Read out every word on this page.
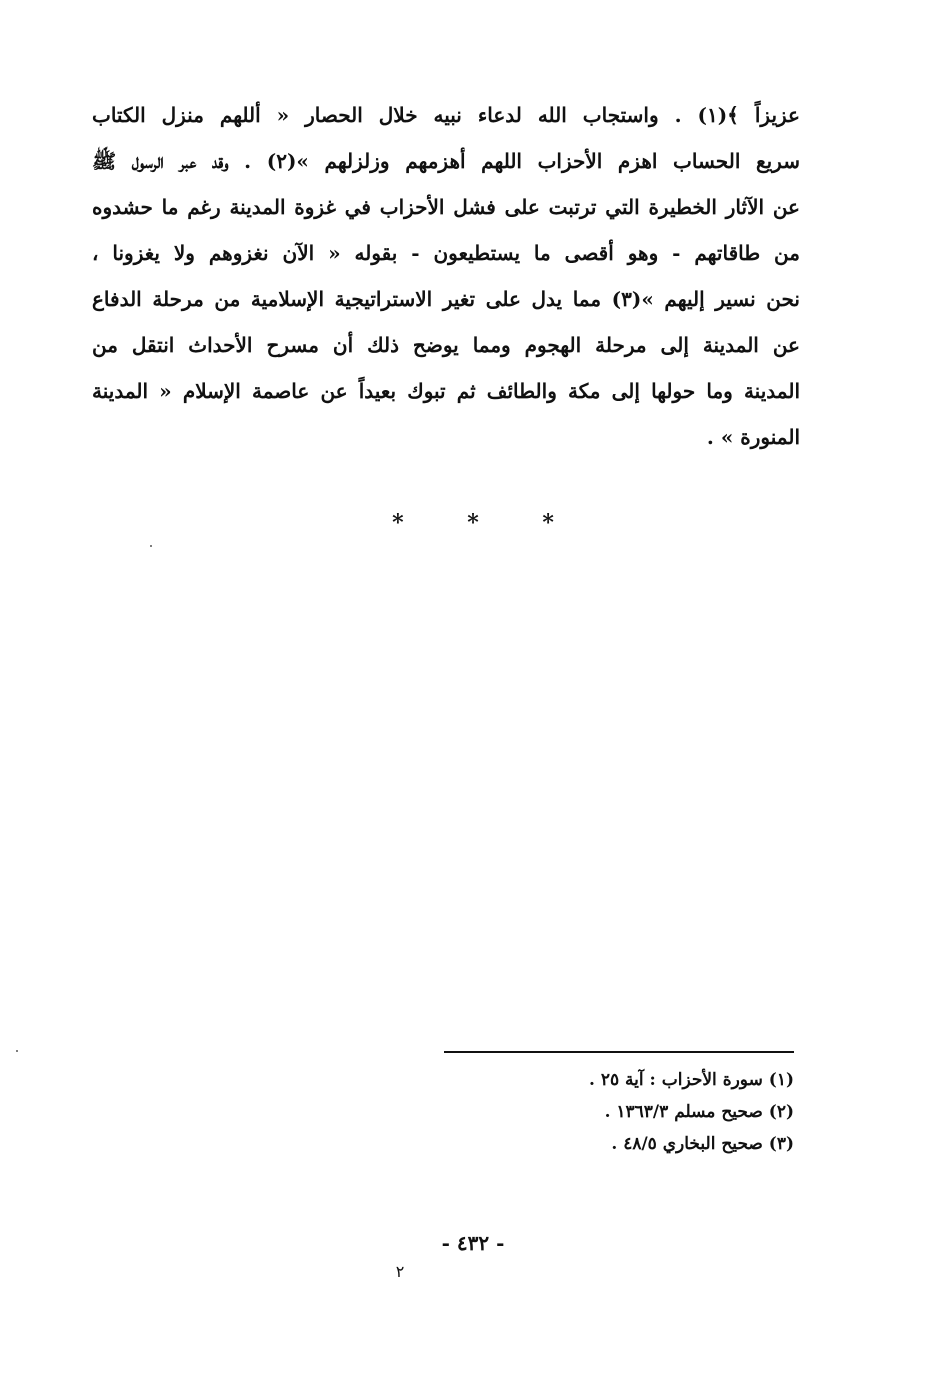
عزيزاً ﴾(١) . واستجاب الله لدعاء نبيه خلال الحصار « أللهم منزل الكتاب
سريع الحساب اهزم الأحزاب اللهم أهزمهم وزلزلهم »(٢) . وقد عبر الرسول ﷺ
عن الآثار الخطيرة التي ترتبت على فشل الأحزاب في غزوة المدينة رغم ما حشدوه
من طاقاتهم - وهو أقصى ما يستطيعون - بقوله « الآن نغزوهم ولا يغزونا ،
نحن نسير إليهم »(٣) مما يدل على تغير الاستراتيجية الإسلامية من مرحلة الدفاع
عن المدينة إلى مرحلة الهجوم ومما يوضح ذلك أن مسرح الأحداث انتقل من
المدينة وما حولها إلى مكة والطائف ثم تبوك بعيداً عن عاصمة الإسلام « المدينة
المنورة » .
* * *
(١) سورة الأحزاب : آية ٢٥ .
(٢) صحيح مسلم ١٣٦٣/٣ .
(٣) صحيح البخاري ٤٨/٥ .
- ٤٣٢ -
٢
